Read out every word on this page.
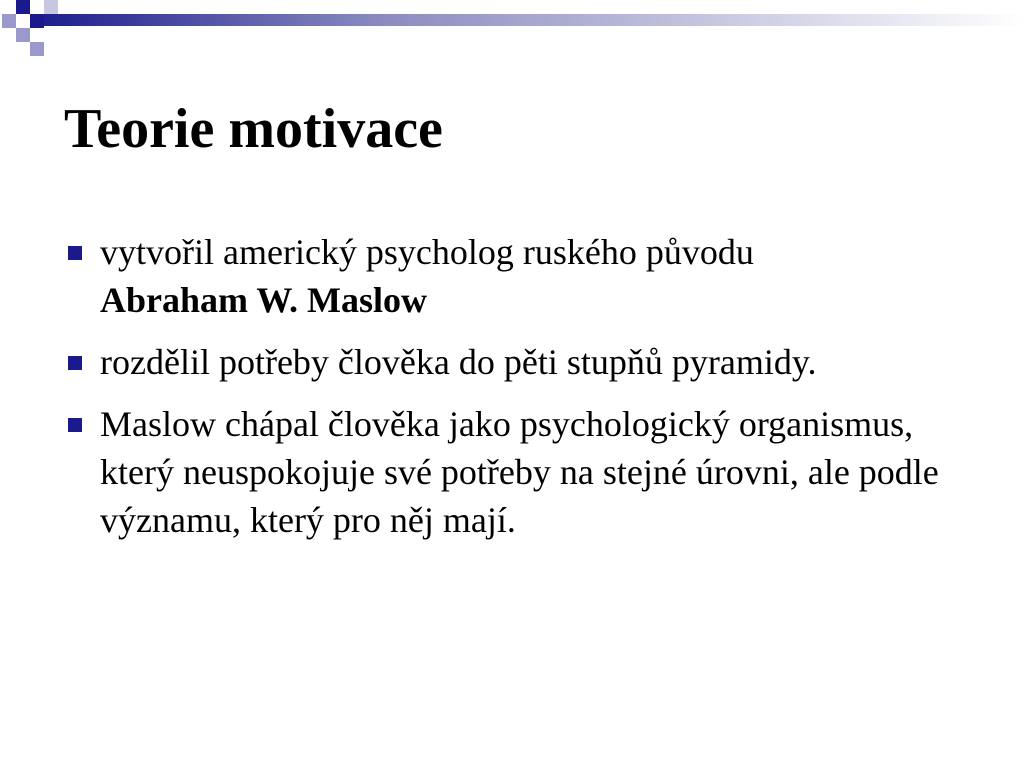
Teorie motivace
vytvořil americký psycholog ruského původu
Abraham W. Maslow
rozdělil potřeby člověka do pěti stupňů pyramidy.
Maslow chápal člověka jako psychologický organismus, který neuspokojuje své potřeby na stejné úrovni, ale podle významu, který pro něj mají.
